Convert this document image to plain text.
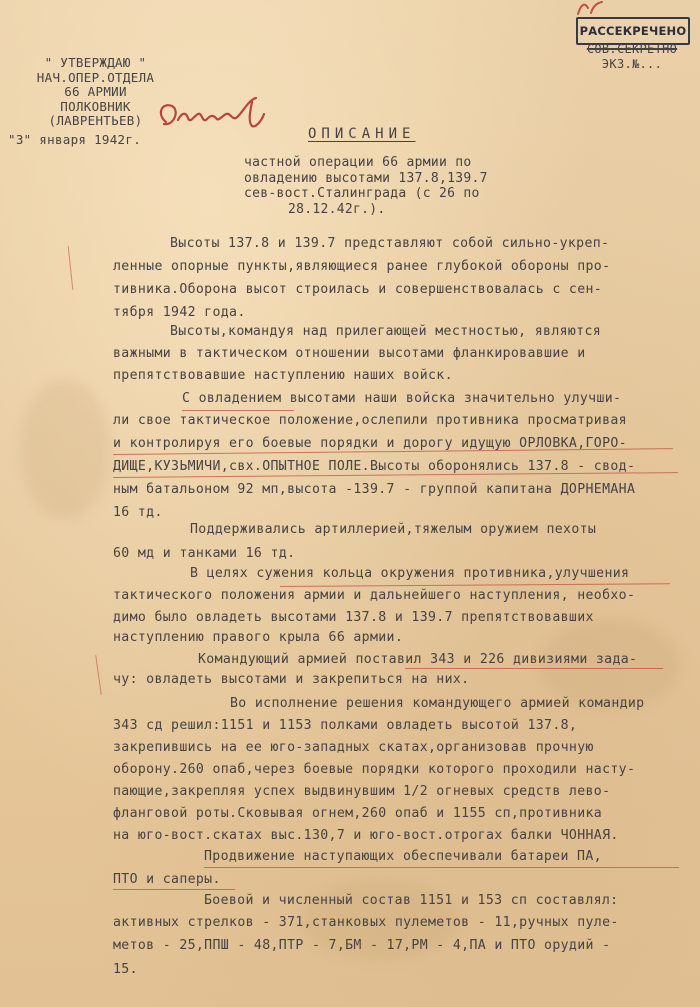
РАССЕКРЕЧЕНО
СОВ.СЕКРЕТНО
ЭКЗ.№...
" УТВЕРЖДАЮ "
НАЧ.ОПЕР.ОТДЕЛА
66 АРМИИ
ПОЛКОВНИК
(ЛАВРЕНТЬЕВ)
"3" января 1942г.	ОПИСАНИЕ
частной операции 66 армии по
овладению высотами 137.8,139.7
сев-вост.Сталинграда (с 26 по
28.12.42г.).
Высоты 137.8 и 139.7 представляют собой сильно-укреп-
ленные опорные пункты,являющиеся ранее глубокой обороны про-
тивника.Оборона высот строилась и совершенствовалась с сен-
тября 1942 года.
Высоты,командуя над прилегающей местностью, являются
важными в тактическом отношении высотами фланкировавшие и
препятствовавшие наступлению наших войск.
С овладением высотами наши войска значительно улучши-
ли свое тактическое положение,ослепили противника просматривая
и контролируя его боевые порядки и дорогу идущую ОРЛОВКА,ГОРО-
ДИЩЕ,КУЗЬМИЧИ,свх.ОПЫТНОЕ ПОЛЕ.Высоты оборонялись 137.8 - свод-
ным батальоном 92 мп,высота -139.7 - группой капитана ДОРНЕМАНА
16 тд.
Поддерживались артиллерией,тяжелым оружием пехоты
60 мд и танками 16 тд.
В целях сужения кольца окружения противника,улучшения
тактического положения армии и дальнейшего наступления, необхо-
димо было овладеть высотами 137.8 и 139.7 препятствовавших
наступлению правого крыла 66 армии.
Командующий армией поставил 343 и 226 дивизиями зада-
чу: овладеть высотами и закрепиться на них.
Во исполнение решения командующего армией командир
343 сд решил:1151 и 1153 полками овладеть высотой 137.8,
закрепившись на ее юго-западных скатах,организовав прочную
оборону.260 опаб,через боевые порядки которого проходили насту-
пающие,закрепляя успех выдвинувшим 1/2 огневых средств лево-
фланговой роты.Сковывая огнем,260 опаб и 1155 сп,противника
на юго-вост.скатах выс.130,7 и юго-вост.отрогах балки ЧОННАЯ.
Продвижение наступающих обеспечивали батареи ПА,
ПТО и саперы.
Боевой и численный состав 1151 и 153 сп составлял:
активных стрелков - 371,станковых пулеметов - 11,ручных пуле-
метов - 25,ППШ - 48,ПТР - 7,БМ - 17,РМ - 4,ПА и ПТО орудий -
15.
